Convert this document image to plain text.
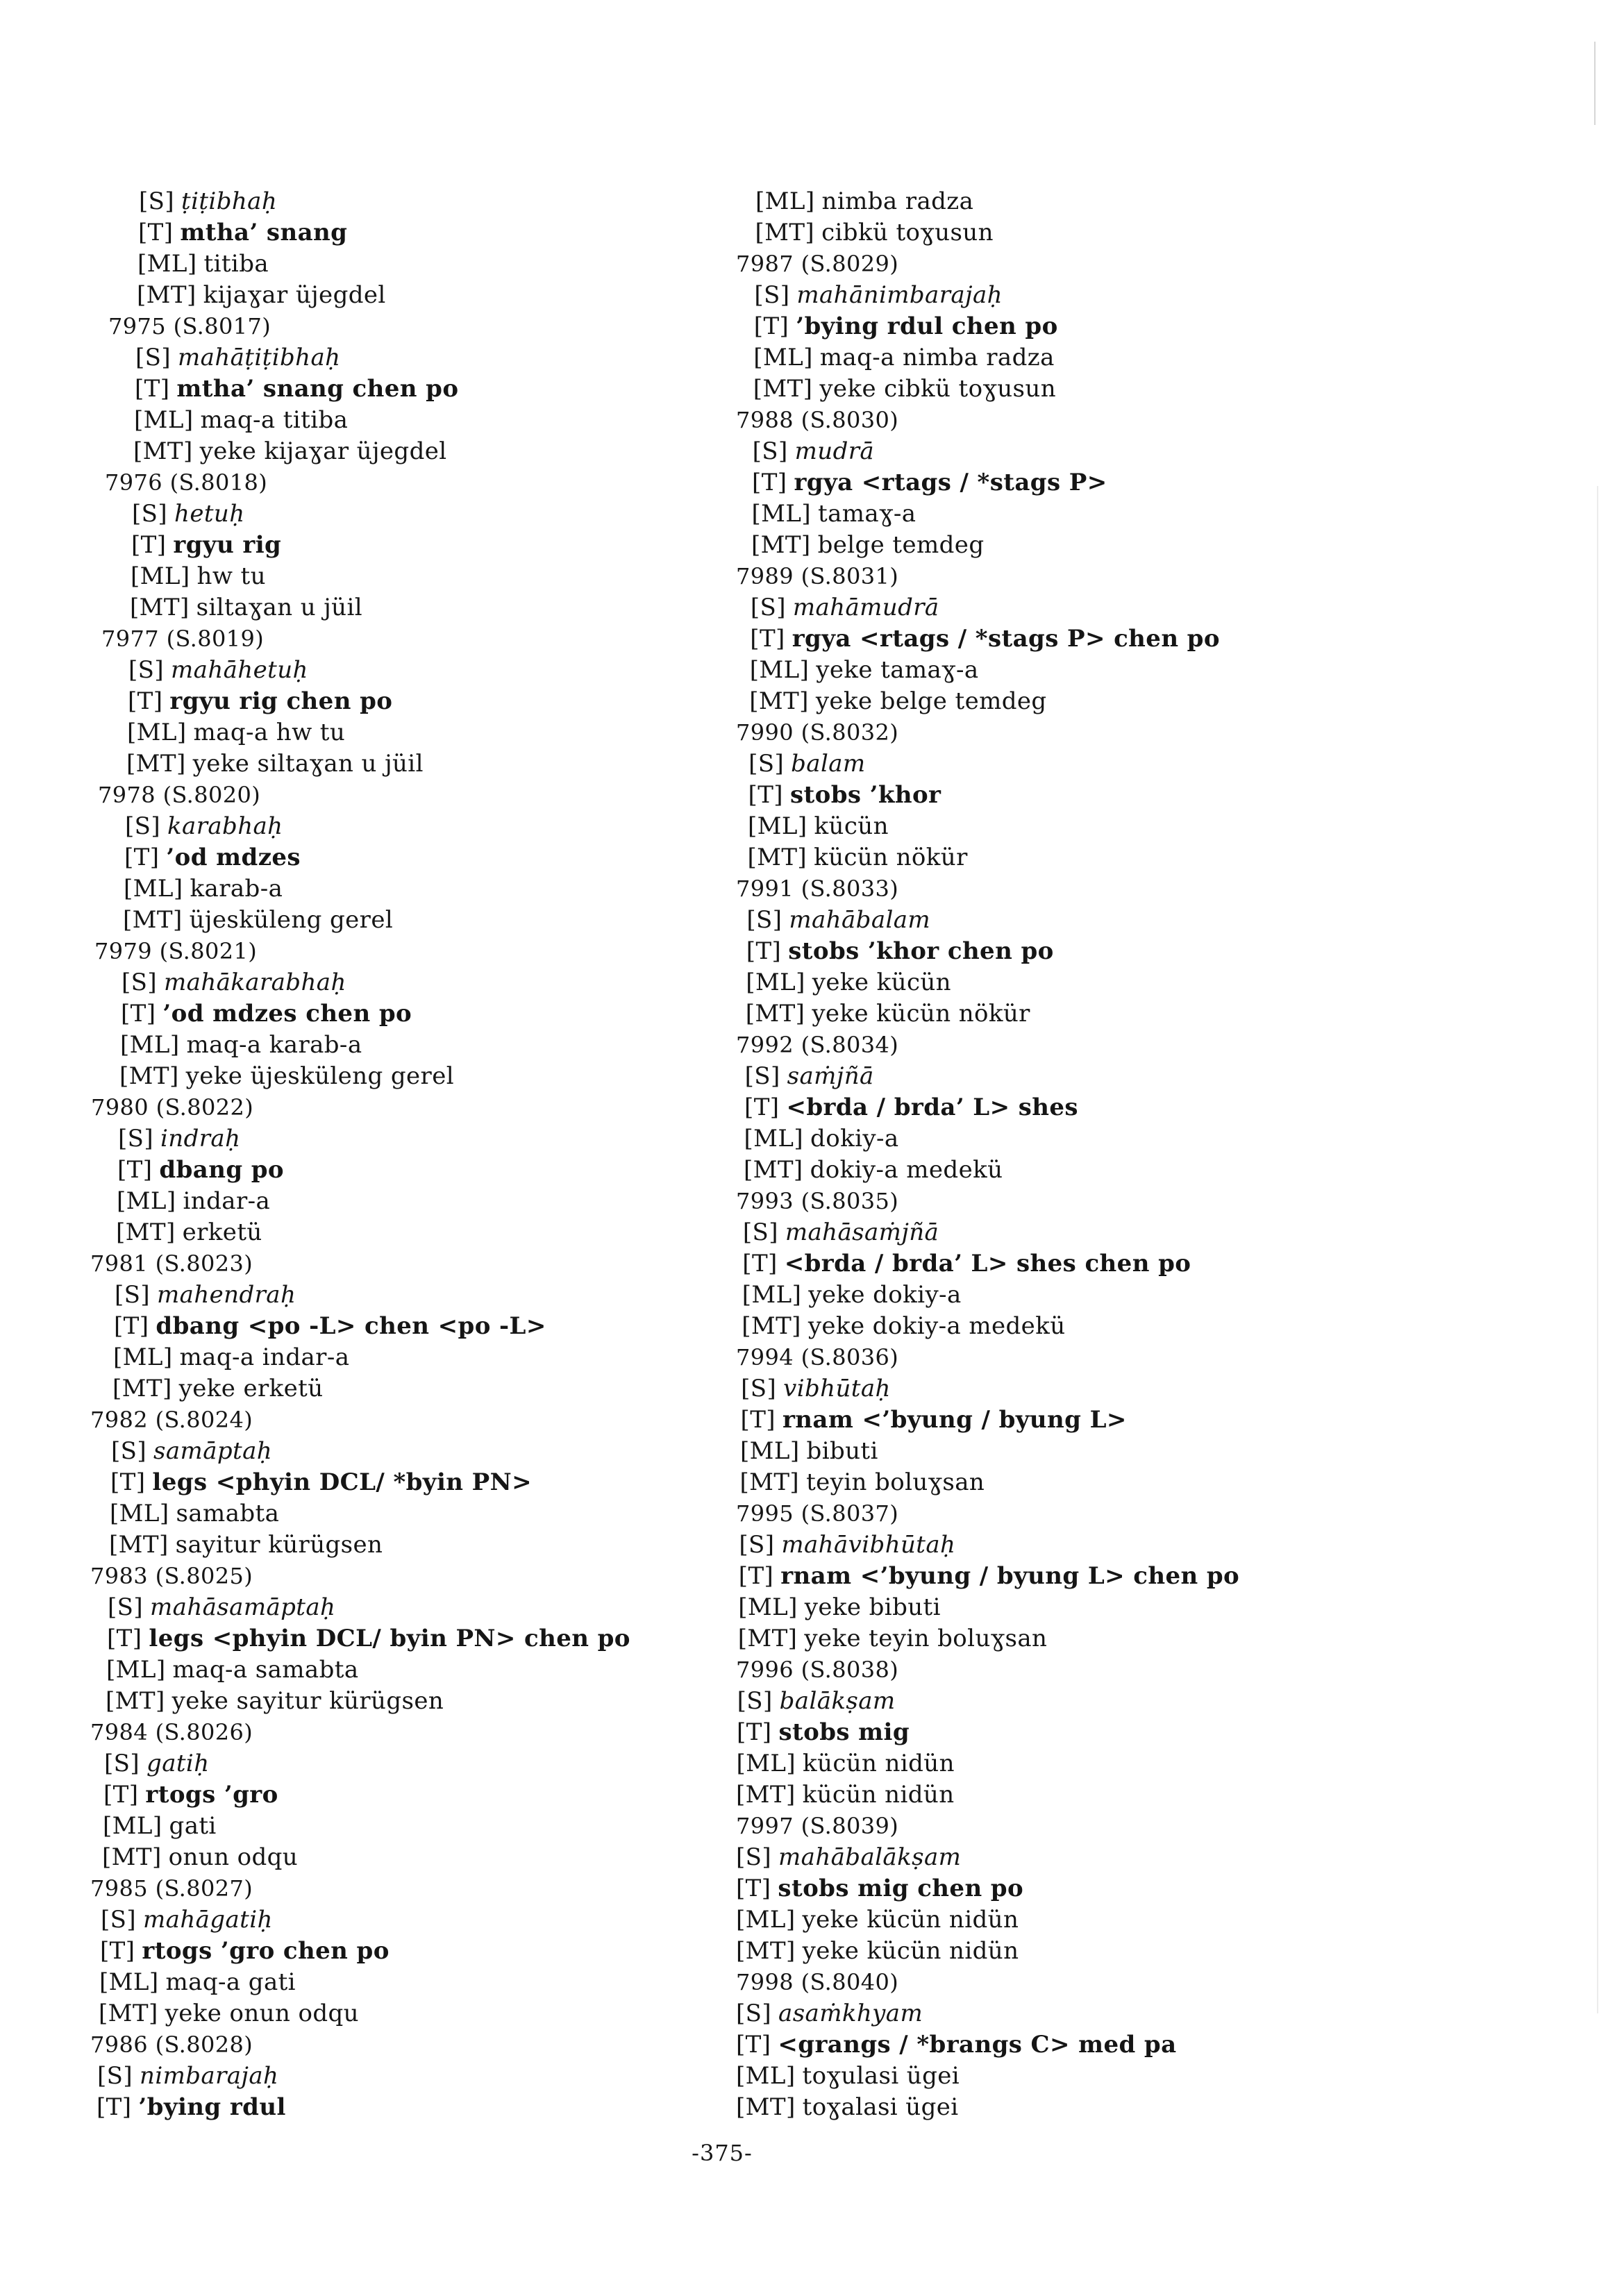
[S] ṭiṭibhaḥ
[T] mtha’ snang
[ML] titiba
[MT] kijaɣar üjegdel
7975 (S.8017)
[S] mahāṭiṭibhaḥ
[T] mtha’ snang chen po
[ML] maq-a titiba
[MT] yeke kijaɣar üjegdel
7976 (S.8018)
[S] hetuḥ
[T] rgyu rig
[ML] hw tu
[MT] siltaɣan u jüil
7977 (S.8019)
[S] mahāhetuḥ
[T] rgyu rig chen po
[ML] maq-a hw tu
[MT] yeke siltaɣan u jüil
7978 (S.8020)
[S] karabhaḥ
[T] ’od mdzes
[ML] karab-a
[MT] üjesküleng gerel
7979 (S.8021)
[S] mahākarabhaḥ
[T] ’od mdzes chen po
[ML] maq-a karab-a
[MT] yeke üjesküleng gerel
7980 (S.8022)
[S] indraḥ
[T] dbang po
[ML] indar-a
[MT] erketü
7981 (S.8023)
[S] mahendraḥ
[T] dbang <po -L> chen <po -L>
[ML] maq-a indar-a
[MT] yeke erketü
7982 (S.8024)
[S] samāptaḥ
[T] legs <phyin DCL/ *byin PN>
[ML] samabta
[MT] sayitur kürügsen
7983 (S.8025)
[S] mahāsamāptaḥ
[T] legs <phyin DCL/ byin PN> chen po
[ML] maq-a samabta
[MT] yeke sayitur kürügsen
7984 (S.8026)
[S] gatiḥ
[T] rtogs ’gro
[ML] gati
[MT] onun odqu
7985 (S.8027)
[S] mahāgatiḥ
[T] rtogs ’gro chen po
[ML] maq-a gati
[MT] yeke onun odqu
7986 (S.8028)
[S] nimbarajaḥ
[T] ’bying rdul
[ML] nimba radza
[MT] cibkü toɣusun
7987 (S.8029)
[S] mahānimbarajaḥ
[T] ’bying rdul chen po
[ML] maq-a nimba radza
[MT] yeke cibkü toɣusun
7988 (S.8030)
[S] mudrā
[T] rgya <rtags / *stags P>
[ML] tamaɣ-a
[MT] belge temdeg
7989 (S.8031)
[S] mahāmudrā
[T] rgya <rtags / *stags P> chen po
[ML] yeke tamaɣ-a
[MT] yeke belge temdeg
7990 (S.8032)
[S] balam
[T] stobs ’khor
[ML] kücün
[MT] kücün nökür
7991 (S.8033)
[S] mahābalam
[T] stobs ’khor chen po
[ML] yeke kücün
[MT] yeke kücün nökür
7992 (S.8034)
[S] saṁjñā
[T] <brda / brda’ L> shes
[ML] dokiy-a
[MT] dokiy-a medekü
7993 (S.8035)
[S] mahāsaṁjñā
[T] <brda / brda’ L> shes chen po
[ML] yeke dokiy-a
[MT] yeke dokiy-a medekü
7994 (S.8036)
[S] vibhūtaḥ
[T] rnam <’byung / byung L>
[ML] bibuti
[MT] teyin boluɣsan
7995 (S.8037)
[S] mahāvibhūtaḥ
[T] rnam <’byung / byung L> chen po
[ML] yeke bibuti
[MT] yeke teyin boluɣsan
7996 (S.8038)
[S] balākṣam
[T] stobs mig
[ML] kücün nidün
[MT] kücün nidün
7997 (S.8039)
[S] mahābalākṣam
[T] stobs mig chen po
[ML] yeke kücün nidün
[MT] yeke kücün nidün
7998 (S.8040)
[S] asaṁkhyam
[T] <grangs / *brangs C> med pa
[ML] toɣulasi ügei
[MT] toɣalasi ügei
-375-
